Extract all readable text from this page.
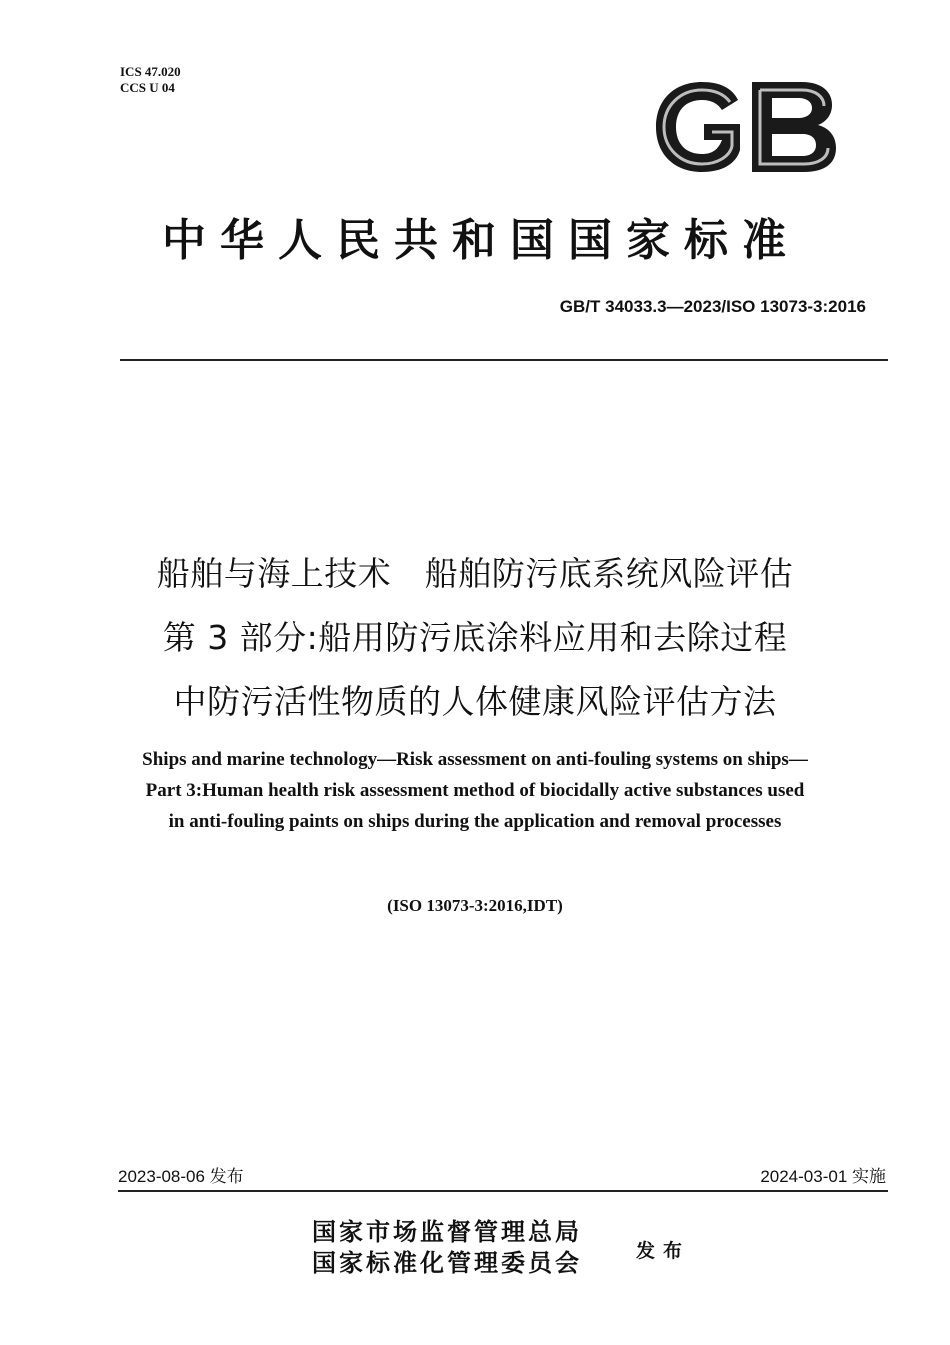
ICS 47.020
CCS U 04
GB
中华人民共和国国家标准
GB/T 34033.3—2023/ISO 13073-3:2016
船舶与海上技术　船舶防污底系统风险评估
第 3 部分:船用防污底涂料应用和去除过程
中防污活性物质的人体健康风险评估方法
Ships and marine technology—Risk assessment on anti-fouling systems on ships—
Part 3:Human health risk assessment method of biocidally active substances used
in anti-fouling paints on ships during the application and removal processes
(ISO 13073-3:2016,IDT)
2023-08-06 发布	2024-03-01 实施
国家市场监督管理总局
国家标准化管理委员会	发布
